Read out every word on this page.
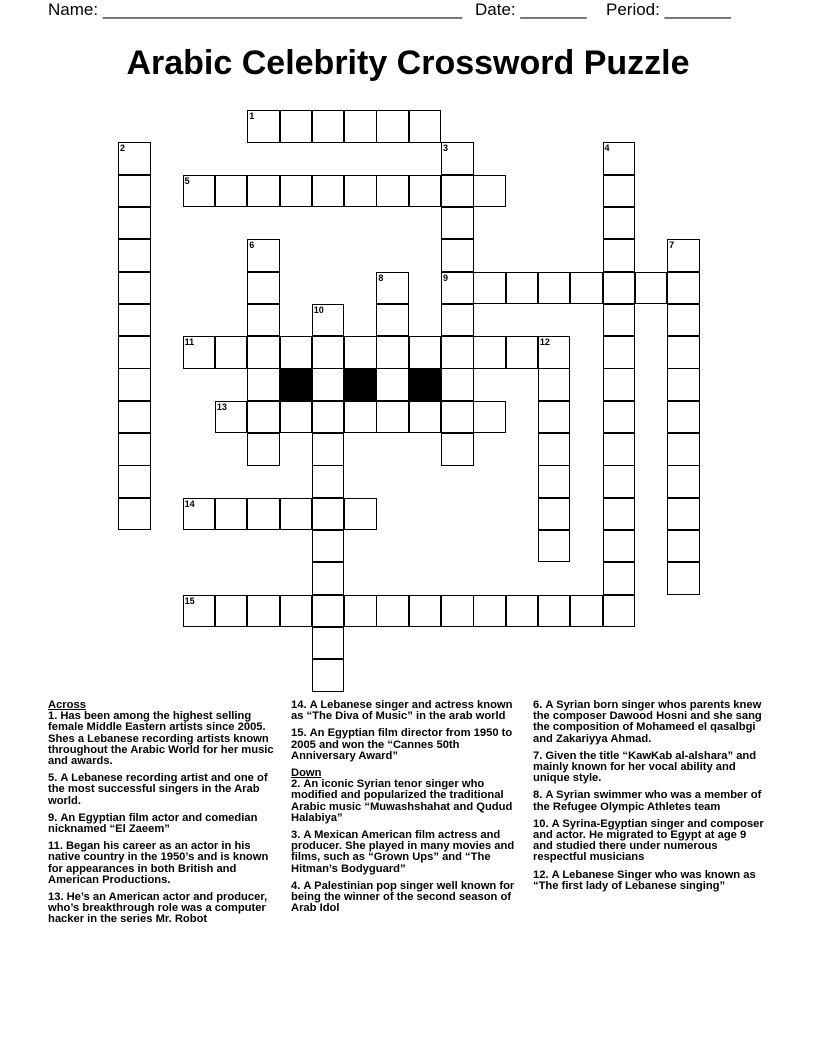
Name: ______________________________________ Date: _______ Period: _______
Arabic Celebrity Crossword Puzzle
1
2	3
9
4
5
6	7
8
10
11	12
13
14
15
Across
1. Has been among the highest selling female Middle Eastern artists since 2005. Shes a Lebanese recording artists known throughout the Arabic World for her music and awards.
5. A Lebanese recording artist and one of the most successful singers in the Arab world.
9. An Egyptian film actor and comedian nicknamed “El Zaeem”
11. Began his career as an actor in his native country in the 1950’s and is known for appearances in both British and American Productions.
13. He’s an American actor and producer, who’s breakthrough role was a computer hacker in the series Mr. Robot
14. A Lebanese singer and actress known as “The Diva of Music” in the arab world
15. An Egyptian film director from 1950 to 2005 and won the “Cannes 50th Anniversary Award”
Down
2. An iconic Syrian tenor singer who modified and popularized the traditional Arabic music “Muwashshahat and Qudud Halabiya”
3. A Mexican American film actress and producer. She played in many movies and films, such as “Grown Ups” and “The Hitman’s Bodyguard”
4. A Palestinian pop singer well known for being the winner of the second season of Arab Idol
6. A Syrian born singer whos parents knew the composer Dawood Hosni and she sang the composition of Mohameed el qasalbgi and Zakariyya Ahmad.
7. Given the title “KawKab al-alshara” and mainly known for her vocal ability and unique style.
8. A Syrian swimmer who was a member of the Refugee Olympic Athletes team
10. A Syrina-Egyptian singer and composer and actor. He migrated to Egypt at age 9 and studied there under numerous respectful musicians
12. A Lebanese Singer who was known as “The first lady of Lebanese singing”
